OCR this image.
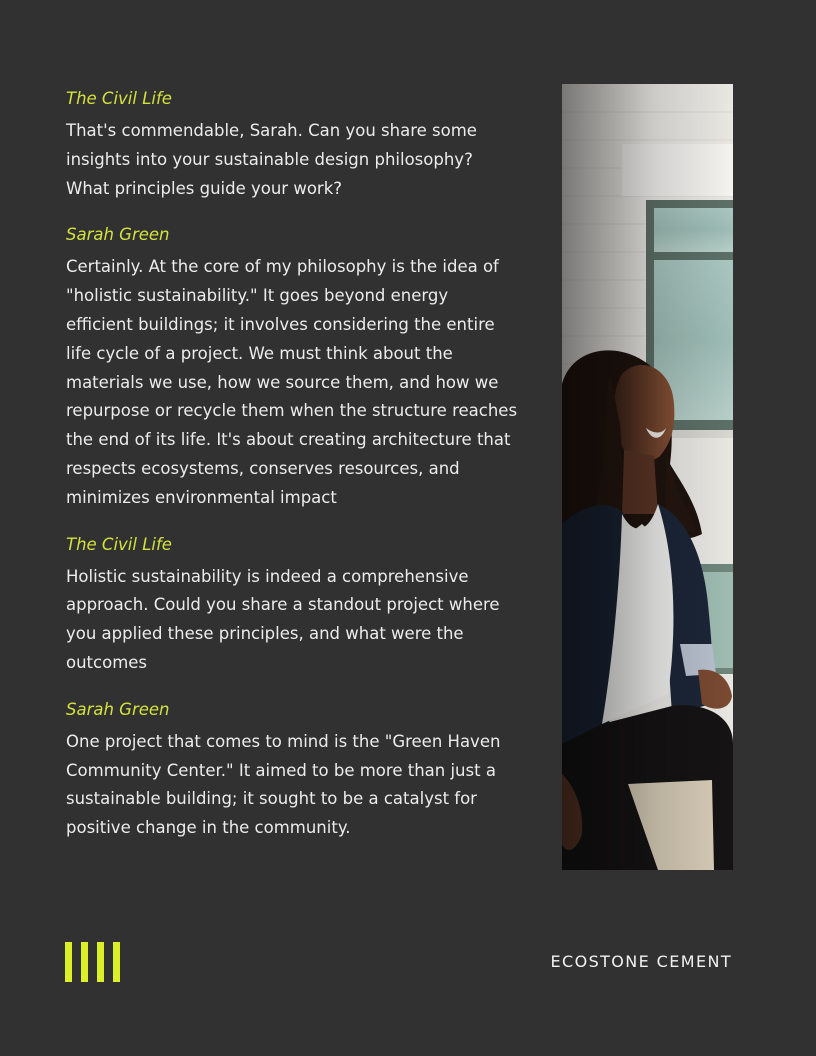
The Civil Life

That's commendable, Sarah. Can you share some insights into your sustainable design philosophy? What principles guide your work?

Sarah Green

Certainly. At the core of my philosophy is the idea of "holistic sustainability." It goes beyond energy efficient buildings; it involves considering the entire life cycle of a project. We must think about the materials we use, how we source them, and how we repurpose or recycle them when the structure reaches the end of its life. It's about creating architecture that respects ecosystems, conserves resources, and minimizes environmental impact

The Civil Life

Holistic sustainability is indeed a comprehensive approach. Could you share a standout project where you applied these principles, and what were the outcomes

Sarah Green

One project that comes to mind is the "Green Haven Community Center." It aimed to be more than just a sustainable building; it sought to be a catalyst for positive change in the community.

ECOSTONE CEMENT
